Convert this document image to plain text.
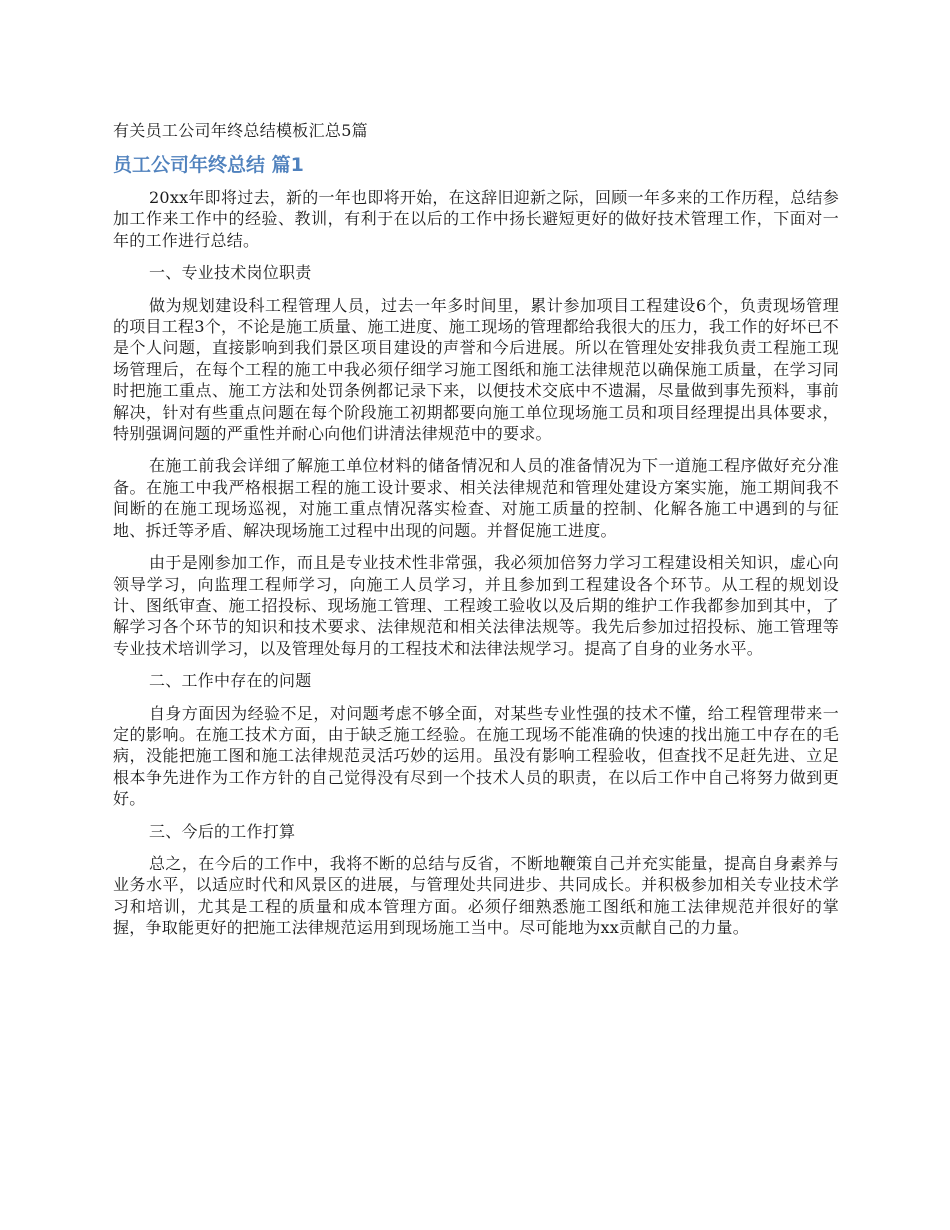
有关员工公司年终总结模板汇总5篇
员工公司年终总结 篇1

20xx年即将过去，新的一年也即将开始，在这辞旧迎新之际，回顾一年多来的工作历程，总结参加工作来工作中的经验、教训，有利于在以后的工作中扬长避短更好的做好技术管理工作，下面对一年的工作进行总结。

一、专业技术岗位职责

做为规划建设科工程管理人员，过去一年多时间里，累计参加项目工程建设6个，负责现场管理的项目工程3个，不论是施工质量、施工进度、施工现场的管理都给我很大的压力，我工作的好坏已不是个人问题，直接影响到我们景区项目建设的声誉和今后进展。所以在管理处安排我负责工程施工现场管理后，在每个工程的施工中我必须仔细学习施工图纸和施工法律规范以确保施工质量，在学习同时把施工重点、施工方法和处罚条例都记录下来，以便技术交底中不遗漏，尽量做到事先预料，事前解决，针对有些重点问题在每个阶段施工初期都要向施工单位现场施工员和项目经理提出具体要求，特别强调问题的严重性并耐心向他们讲清法律规范中的要求。

在施工前我会详细了解施工单位材料的储备情况和人员的准备情况为下一道施工程序做好充分准备。在施工中我严格根据工程的施工设计要求、相关法律规范和管理处建设方案实施，施工期间我不间断的在施工现场巡视，对施工重点情况落实检查、对施工质量的控制、化解各施工中遇到的与征地、拆迁等矛盾、解决现场施工过程中出现的问题。并督促施工进度。

由于是刚参加工作，而且是专业技术性非常强，我必须加倍努力学习工程建设相关知识，虚心向领导学习，向监理工程师学习，向施工人员学习，并且参加到工程建设各个环节。从工程的规划设计、图纸审查、施工招投标、现场施工管理、工程竣工验收以及后期的维护工作我都参加到其中，了解学习各个环节的知识和技术要求、法律规范和相关法律法规等。我先后参加过招投标、施工管理等专业技术培训学习，以及管理处每月的工程技术和法律法规学习。提高了自身的业务水平。

二、工作中存在的问题

自身方面因为经验不足，对问题考虑不够全面，对某些专业性强的技术不懂，给工程管理带来一定的影响。在施工技术方面，由于缺乏施工经验。在施工现场不能准确的快速的找出施工中存在的毛病，没能把施工图和施工法律规范灵活巧妙的运用。虽没有影响工程验收，但查找不足赶先进、立足根本争先进作为工作方针的自己觉得没有尽到一个技术人员的职责，在以后工作中自己将努力做到更好。

三、今后的工作打算

总之，在今后的工作中，我将不断的总结与反省，不断地鞭策自己并充实能量，提高自身素养与业务水平，以适应时代和风景区的进展，与管理处共同进步、共同成长。并积极参加相关专业技术学习和培训，尤其是工程的质量和成本管理方面。必须仔细熟悉施工图纸和施工法律规范并很好的掌握，争取能更好的把施工法律规范运用到现场施工当中。尽可能地为xx贡献自己的力量。
